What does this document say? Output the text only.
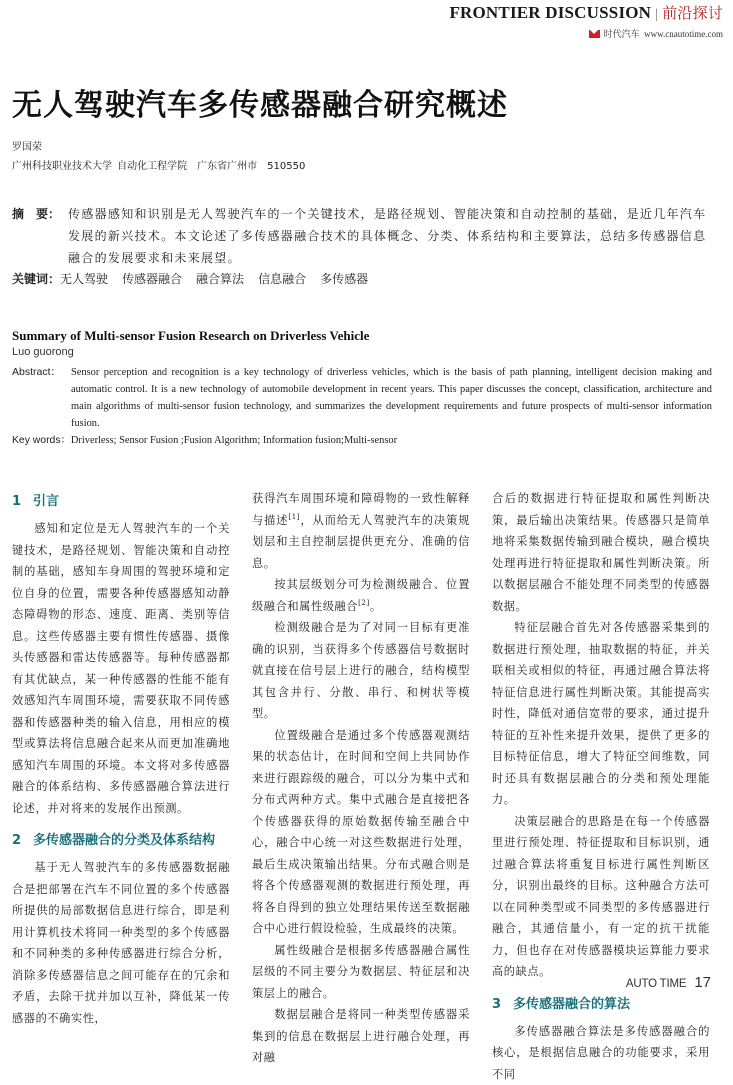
FRONTIER DISCUSSION | 前沿探讨
时代汽车 www.cnautotime.com
无人驾驶汽车多传感器融合研究概述
罗国荣
广州科技职业技术大学 自动化工程学院　广东省广州市　510550
摘　要： 传感器感知和识别是无人驾驶汽车的一个关键技术，是路径规划、智能决策和自动控制的基础，是近几年汽车发展的新兴技术。本文论述了多传感器融合技术的具体概念、分类、体系结构和主要算法，总结多传感器信息融合的发展要求和未来展望。
关键词：无人驾驶 传感器融合 融合算法 信息融合 多传感器
Summary of Multi-sensor Fusion Research on Driverless Vehicle
Luo guorong
Abstract： Sensor perception and recognition is a key technology of driverless vehicles, which is the basis of path planning, intelligent decision making and automatic control. It is a new technology of automobile development in recent years. This paper discusses the concept, classification, architecture and main algorithms of multi-sensor fusion technology, and summarizes the development requirements and future prospects of multi-sensor information fusion.
Key words：Driverless; Sensor Fusion ;Fusion Algorithm; Information fusion;Multi-sensor
1 引言

感知和定位是无人驾驶汽车的一个关键技术，是路径规划、智能决策和自动控制的基础，感知车身周围的驾驶环境和定位自身的位置，需要各种传感器感知动静态障碍物的形态、速度、距离、类别等信息。这些传感器主要有惯性传感器、摄像头传感器和雷达传感器等。每种传感器都有其优缺点，某一种传感器的性能不能有效感知汽车周围环境，需要获取不同传感器和传感器种类的输入信息，用相应的模型或算法将信息融合起来从而更加准确地感知汽车周围的环境。本文将对多传感器融合的体系结构、多传感器融合算法进行论述，并对将来的发展作出预测。

2 多传感器融合的分类及体系结构

基于无人驾驶汽车的多传感器数据融合是把部署在汽车不同位置的多个传感器所提供的局部数据信息进行综合，即是利用计算机技术将同一种类型的多个传感器和不同种类的多种传感器进行综合分析，消除多传感器信息之间可能存在的冗余和矛盾，去除干扰并加以互补，降低某一传感器的不确实性，

获得汽车周围环境和障碍物的一致性解释与描述[1]，从而给无人驾驶汽车的决策规划层和主自控制层提供更充分、准确的信息。

按其层级划分可为检测级融合、位置级融合和属性级融合[2]。

检测级融合是为了对同一目标有更准确的识别，当获得多个传感器信号数据时就直接在信号层上进行的融合，结构模型其包含并行、分散、串行、和树状等模型。

位置级融合是通过多个传感器观测结果的状态估计，在时间和空间上共同协作来进行跟踪级的融合，可以分为集中式和分布式两种方式。集中式融合是直接把各个传感器获得的原始数据传输至融合中心，融合中心统一对这些数据进行处理，最后生成决策输出结果。分布式融合则是将各个传感器观测的数据进行预处理，再将各自得到的独立处理结果传送至数据融合中心进行假设检验，生成最终的决策。

属性级融合是根据多传感器融合属性层级的不同主要分为数据层、特征层和决策层上的融合。

数据层融合是将同一种类型传感器采集到的信息在数据层上进行融合处理，再对融

合后的数据进行特征提取和属性判断决策，最后输出决策结果。传感器只是简单地将采集数据传输到融合模块，融合模块处理再进行特征提取和属性判断决策。所以数据层融合不能处理不同类型的传感器数据。

特征层融合首先对各传感器采集到的数据进行预处理，抽取数据的特征，并关联相关或相似的特征，再通过融合算法将特征信息进行属性判断决策。其能提高实时性，降低对通信宽带的要求，通过提升特征的互补性来提升效果，提供了更多的目标特征信息，增大了特征空间维数，同时还具有数据层融合的分类和预处理能力。

决策层融合的思路是在每一个传感器里进行预处理、特征提取和目标识别，通过融合算法将重复目标进行属性判断区分，识别出最终的目标。这种融合方法可以在同种类型或不同类型的多传感器进行融合，其通信量小，有一定的抗干扰能力，但也存在对传感器模块运算能力要求高的缺点。

3 多传感器融合的算法

多传感器融合算法是多传感器融合的核心，是根据信息融合的功能要求，采用不同

AUTO TIME 17
